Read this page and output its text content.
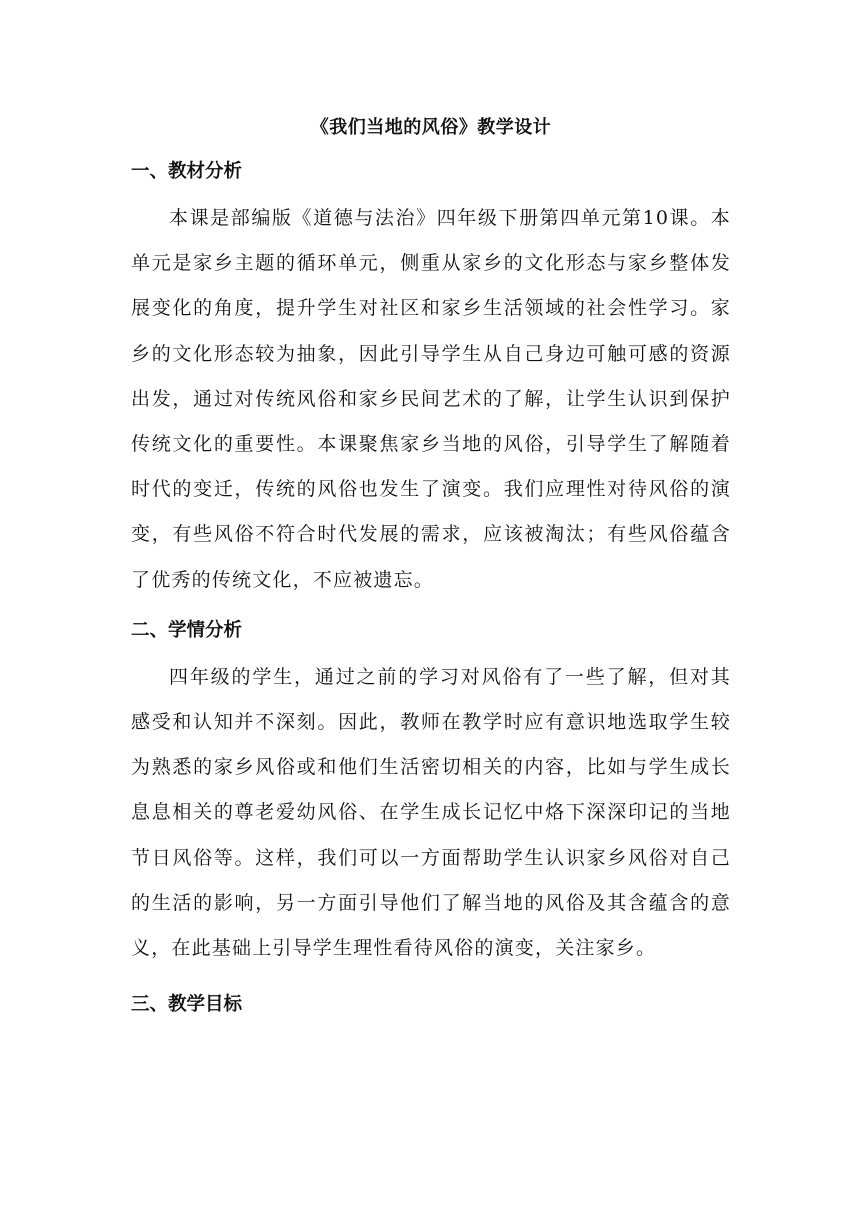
《我们当地的风俗》教学设计
一、教材分析

本课是部编版《道德与法治》四年级下册第四单元第10课。本单元是家乡主题的循环单元，侧重从家乡的文化形态与家乡整体发展变化的角度，提升学生对社区和家乡生活领域的社会性学习。家乡的文化形态较为抽象，因此引导学生从自己身边可触可感的资源出发，通过对传统风俗和家乡民间艺术的了解，让学生认识到保护传统文化的重要性。本课聚焦家乡当地的风俗，引导学生了解随着时代的变迁，传统的风俗也发生了演变。我们应理性对待风俗的演变，有些风俗不符合时代发展的需求，应该被淘汰；有些风俗蕴含了优秀的传统文化，不应被遗忘。

二、学情分析

四年级的学生，通过之前的学习对风俗有了一些了解，但对其感受和认知并不深刻。因此，教师在教学时应有意识地选取学生较为熟悉的家乡风俗或和他们生活密切相关的内容，比如与学生成长息息相关的尊老爱幼风俗、在学生成长记忆中烙下深深印记的当地节日风俗等。这样，我们可以一方面帮助学生认识家乡风俗对自己的生活的影响，另一方面引导他们了解当地的风俗及其含蕴含的意义，在此基础上引导学生理性看待风俗的演变，关注家乡。

三、教学目标
